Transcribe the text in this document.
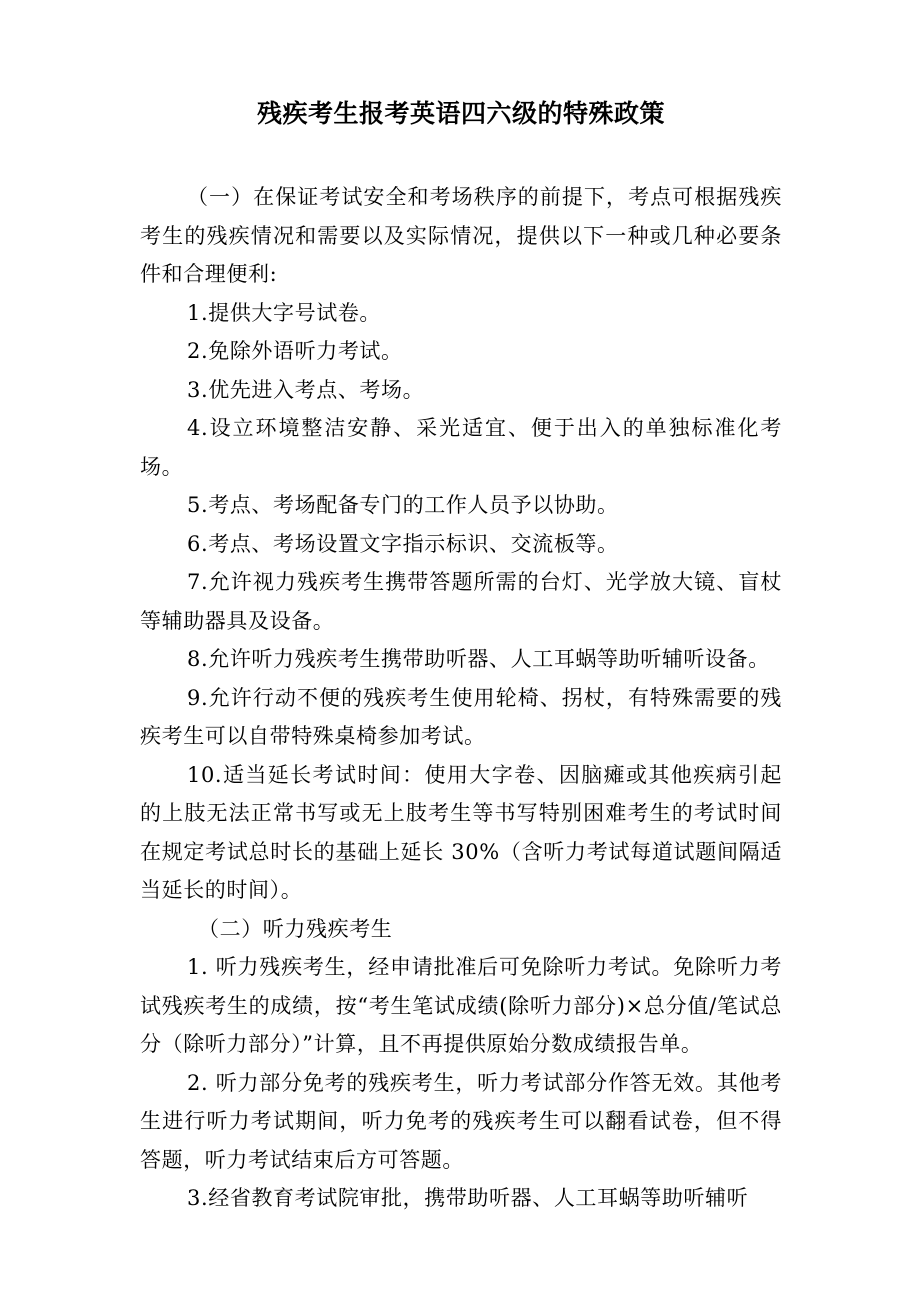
残疾考生报考英语四六级的特殊政策

（一）在保证考试安全和考场秩序的前提下，考点可根据残疾考生的残疾情况和需要以及实际情况，提供以下一种或几种必要条件和合理便利:

1.提供大字号试卷。

2.免除外语听力考试。

3.优先进入考点、考场。

4.设立环境整洁安静、采光适宜、便于出入的单独标准化考场。

5.考点、考场配备专门的工作人员予以协助。

6.考点、考场设置文字指示标识、交流板等。

7.允许视力残疾考生携带答题所需的台灯、光学放大镜、盲杖等辅助器具及设备。

8.允许听力残疾考生携带助听器、人工耳蜗等助听辅听设备。

9.允许行动不便的残疾考生使用轮椅、拐杖，有特殊需要的残疾考生可以自带特殊桌椅参加考试。

10.适当延长考试时间：使用大字卷、因脑瘫或其他疾病引起的上肢无法正常书写或无上肢考生等书写特别困难考生的考试时间在规定考试总时长的基础上延长 30%（含听力考试每道试题间隔适当延长的时间）。

（二）听力残疾考生

1. 听力残疾考生，经申请批准后可免除听力考试。免除听力考试残疾考生的成绩，按“考生笔试成绩(除听力部分)×总分值/笔试总分（除听力部分）”计算，且不再提供原始分数成绩报告单。

2. 听力部分免考的残疾考生，听力考试部分作答无效。其他考生进行听力考试期间，听力免考的残疾考生可以翻看试卷，但不得答题，听力考试结束后方可答题。

3.经省教育考试院审批，携带助听器、人工耳蜗等助听辅听
